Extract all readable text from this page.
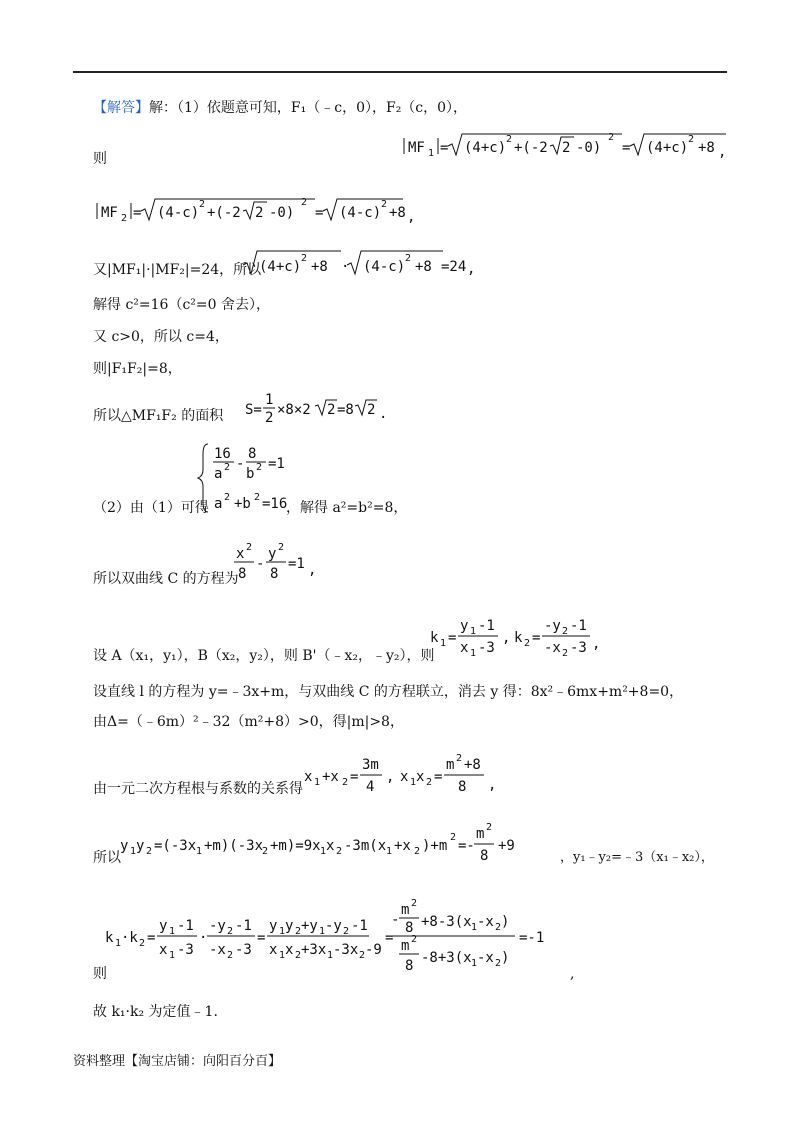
【解答】解：（1）依题意可知，F₁（﹣c，0），F₂（c，0），
MF 1 = (4+c)
2
+(-2 2 -0)
2
= (4+c)
2
+8 ,
则
MF 2 = (4-c)
2
+(-2 2 -0)
2
= (4-c)
2
+8 ,
又|MF₁|·|MF₂|=24，所以
(4+c)
2
+8 · (4-c)
2
+8 =24 ,
解得 c²=16（c²=0 舍去），
又 c>0，所以 c=4，
则|F₁F₂|=8，
所以△MF₁F₂ 的面积 S=
1
2 ×8×2 2 =8 2 .
16
a 2 -
8
b 2 =1
a 2 +b 2 =16
（2）由（1）可得	，解得 a²=b²=8，
所以双曲线 C 的方程为
x 2
8
-
y 2
8
=1 ,
设 A（x₁，y₁），B（x₂，y₂），则 B'（﹣x₂，﹣y₂），则
k 1 =
y 1 -1
x 1 -3
, k 2 =
-y 2 -1
-x 2 -3 ,
设直线 l 的方程为 y=﹣3x+m，与双曲线 C 的方程联立，消去 y 得：8x²﹣6mx+m²+8=0，
由Δ=（﹣6m）²﹣32（m²+8）>0，得|m|>8，
由一元二次方程根与系数的关系得
x 1 +x 2 =
3m
4
, x 1 x 2 =
m 2 +8
8 ,
所以
y 1 y 2 =(-3x 1 +m)(-3x
2 +m)=9x 1 x 2 -3m(x 1 +x 2 )+m
2
=-
m 2
8
+9
，y₁﹣y₂=﹣3（x₁﹣x₂），
k 1 ·k 2 =
y 1 -1
x 1 -3
·
-y 2 -1
-x 2 -3
=
y 1 y 2 +y 1 -y 2 -1
x 1 x 2 +3x 1 -3x 2 -9
=
m 2
8
- +8-3(x 1 -x 2 )
m 2
8 -8+3(x 1 -x 2 )
=-1
则	,
故 k₁·k₂ 为定值﹣1.
资料整理【淘宝店铺：向阳百分百】
